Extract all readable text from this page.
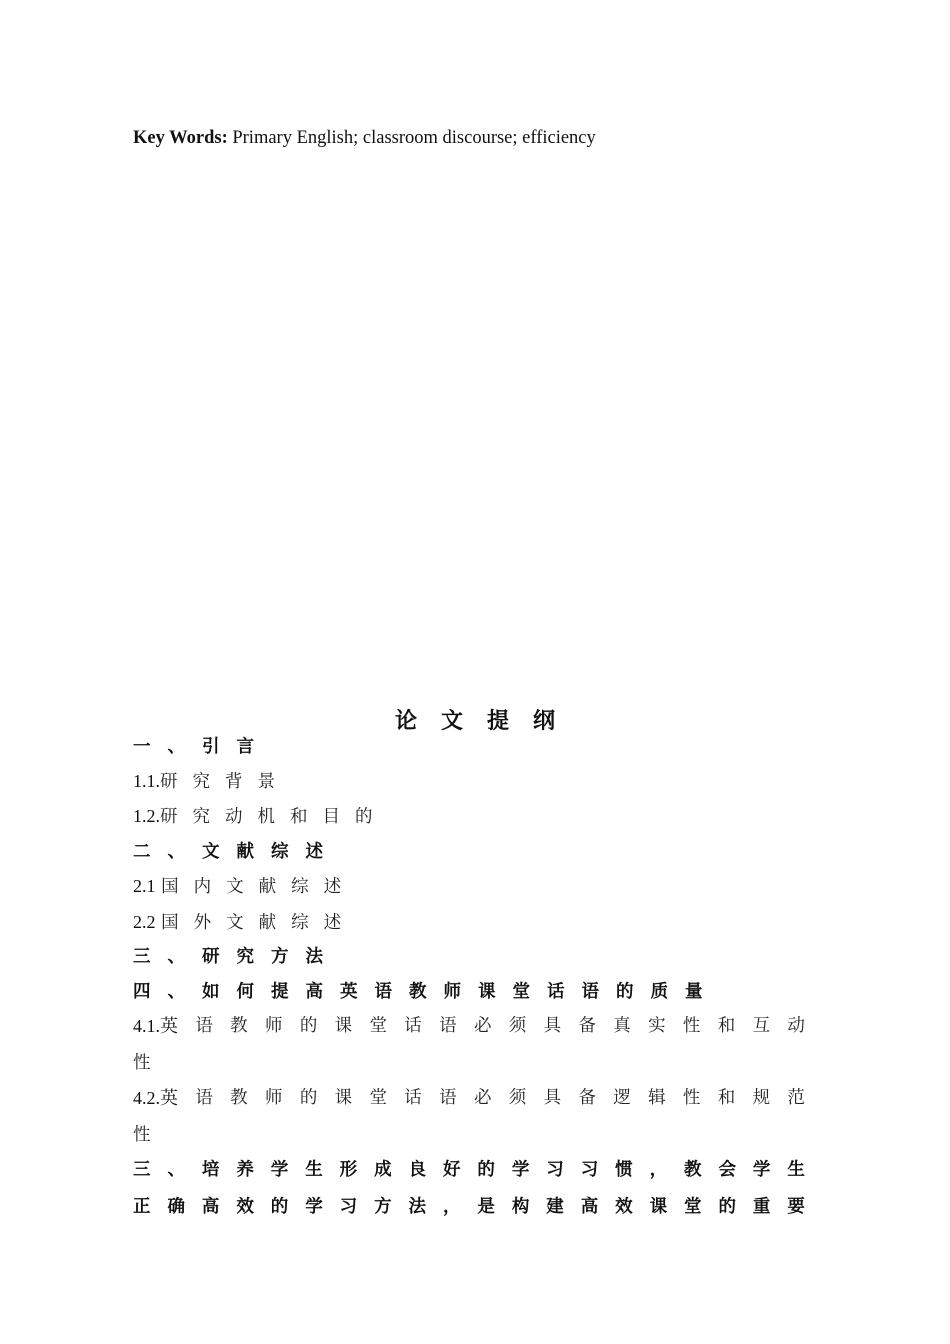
Key Words: Primary English; classroom discourse; efficiency
论文提纲
一、引言
1.1.研究背景
1.2.研究动机和目的
二、文献综述
2.1 国内文献综述
2.2 国外文献综述
三、研究方法
四、如何提高英语教师课堂话语的质量
4.1.英 语 教 师 的 课 堂 话 语 必 须 具 备 真 实 性 和 互 动
性
4.2.英 语 教 师 的 课 堂 话 语 必 须 具 备 逻 辑 性 和 规 范
性
三 、 培 养 学 生 形 成 良 好 的 学 习 习 惯 ， 教 会 学 生
正 确 高 效 的 学 习 方 法 ， 是 构 建 高 效 课 堂 的 重 要
